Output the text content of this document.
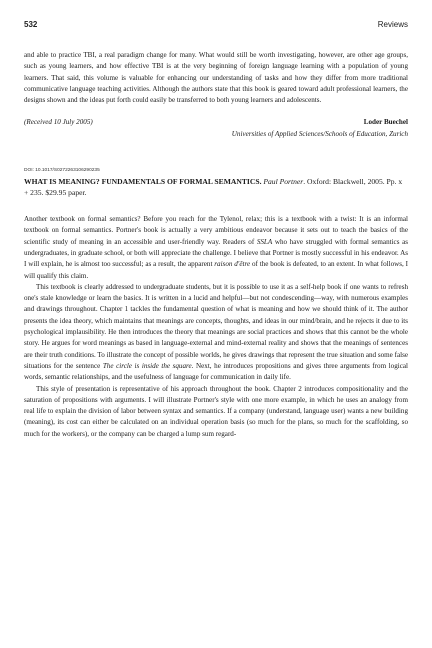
532	Reviews

and able to practice TBI, a real paradigm change for many. What would still be worth investigating, however, are other age groups, such as young learners, and how effective TBI is at the very beginning of foreign language learning with a population of young learners. That said, this volume is valuable for enhancing our understanding of tasks and how they differ from more traditional communicative language teaching activities. Although the authors state that this book is geared toward adult professional learners, the designs shown and the ideas put forth could easily be transferred to both young learners and adolescents.

(Received 10 July 2005)	Loder Buechel
Universities of Applied Sciences/Schools of Education, Zurich
DOI: 10.1017/S0272263106290235
WHAT IS MEANING? FUNDAMENTALS OF FORMAL SEMANTICS. Paul Portner. Oxford: Blackwell, 2005. Pp. x + 235. $29.95 paper.

Another textbook on formal semantics? Before you reach for the Tylenol, relax; this is a textbook with a twist: It is an informal textbook on formal semantics. Portner's book is actually a very ambitious endeavor because it sets out to teach the basics of the scientific study of meaning in an accessible and user-friendly way. Readers of SSLA who have struggled with formal semantics as undergraduates, in graduate school, or both will appreciate the challenge. I believe that Portner is mostly successful in his endeavor. As I will explain, he is almost too successful; as a result, the apparent raison d'être of the book is defeated, to an extent. In what follows, I will qualify this claim.

This textbook is clearly addressed to undergraduate students, but it is possible to use it as a self-help book if one wants to refresh one's stale knowledge or learn the basics. It is written in a lucid and helpful—but not condescending—way, with numerous examples and drawings throughout. Chapter 1 tackles the fundamental question of what is meaning and how we should think of it. The author presents the idea theory, which maintains that meanings are concepts, thoughts, and ideas in our mind/brain, and he rejects it due to its psychological implausibility. He then introduces the theory that meanings are social practices and shows that this cannot be the whole story. He argues for word meanings as based in language-external and mind-external reality and shows that the meanings of sentences are their truth conditions. To illustrate the concept of possible worlds, he gives drawings that represent the true situation and some false situations for the sentence The circle is inside the square. Next, he introduces propositions and gives three arguments from logical words, semantic relationships, and the usefulness of language for communication in daily life.

This style of presentation is representative of his approach throughout the book. Chapter 2 introduces compositionality and the saturation of propositions with arguments. I will illustrate Portner's style with one more example, in which he uses an analogy from real life to explain the division of labor between syntax and semantics. If a company (understand, language user) wants a new building (meaning), its cost can either be calculated on an individual operation basis (so much for the plans, so much for the scaffolding, so much for the workers), or the company can be charged a lump sum regard-
